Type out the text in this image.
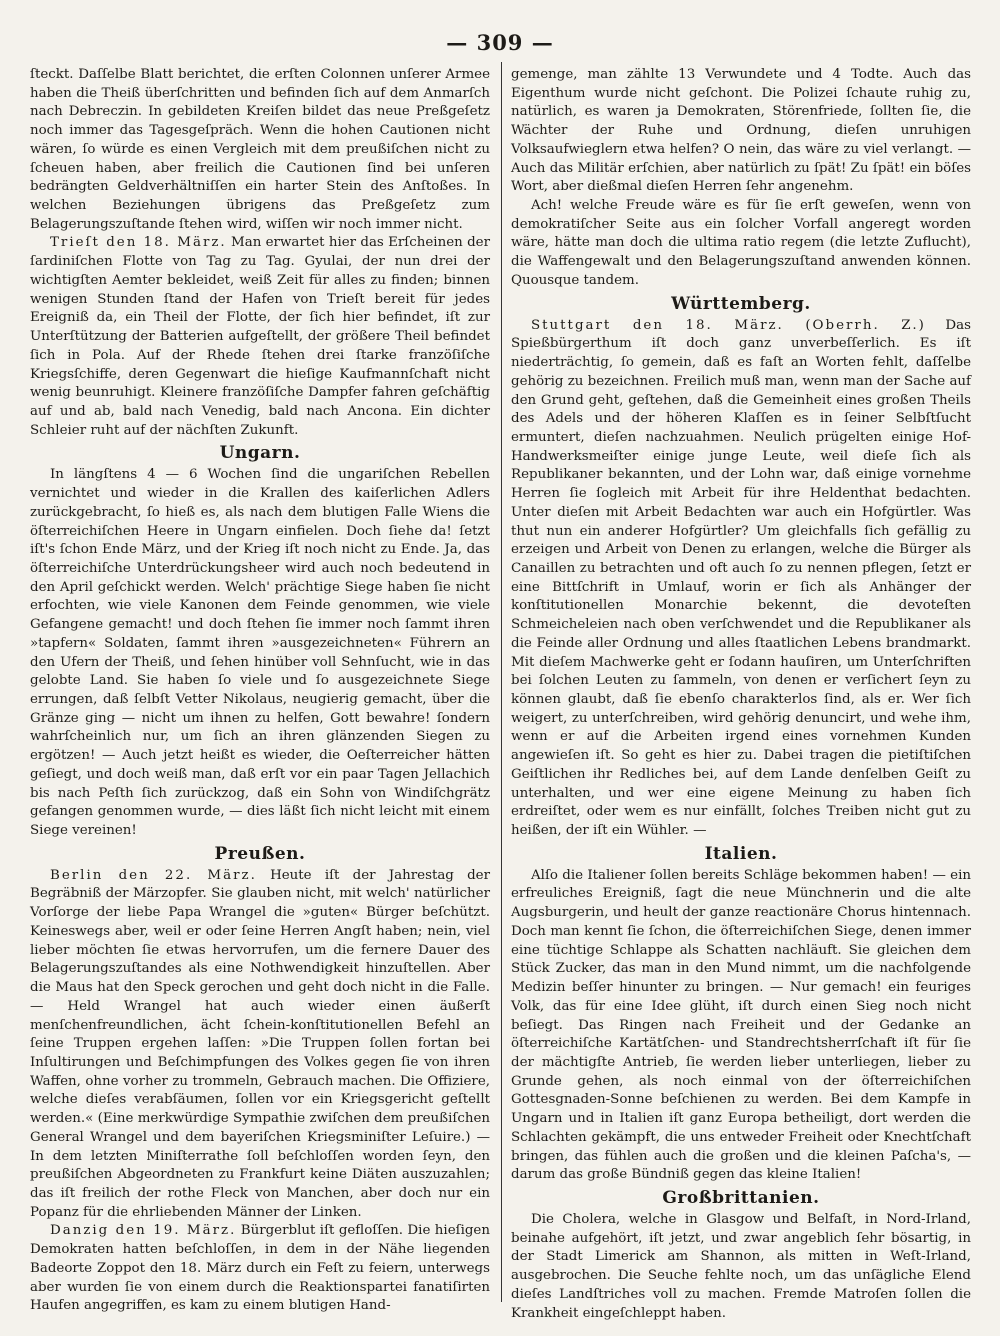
— 309 —

ſteckt. Daſſelbe Blatt berichtet, die erſten Colonnen unſerer Armee haben die Theiß überſchritten und befinden ſich auf dem Anmarſch nach Debreczin. In gebildeten Kreiſen bildet das neue Preßgeſetz noch immer das Tagesgeſpräch. Wenn die hohen Cautionen nicht wären, ſo würde es einen Vergleich mit dem preußiſchen nicht zu ſcheuen haben, aber freilich die Cautionen ſind bei unſeren bedrängten Geldverhältniſſen ein harter Stein des Anſtoßes. In welchen Beziehungen übrigens das Preßgeſetz zum Belagerungszuſtande ſtehen wird, wiſſen wir noch immer nicht.

Trieſt den 18. März. Man erwartet hier das Erſcheinen der ſardiniſchen Flotte von Tag zu Tag. Gyulai, der nun drei der wichtigſten Aemter bekleidet, weiß Zeit für alles zu finden; binnen wenigen Stunden ſtand der Hafen von Trieſt bereit für jedes Ereigniß da, ein Theil der Flotte, der ſich hier befindet, iſt zur Unterſtützung der Batterien aufgeſtellt, der größere Theil befindet ſich in Pola. Auf der Rhede ſtehen drei ſtarke franzöſiſche Kriegsſchiffe, deren Gegenwart die hieſige Kaufmannſchaft nicht wenig beunruhigt. Kleinere franzöſiſche Dampfer fahren geſchäftig auf und ab, bald nach Venedig, bald nach Ancona. Ein dichter Schleier ruht auf der nächſten Zukunft.

Ungarn.

In längſtens 4 — 6 Wochen ſind die ungariſchen Rebellen vernichtet und wieder in die Krallen des kaiſerlichen Adlers zurückgebracht, ſo hieß es, als nach dem blutigen Falle Wiens die öſterreichiſchen Heere in Ungarn einfielen. Doch ſiehe da! ſetzt iſt's ſchon Ende März, und der Krieg iſt noch nicht zu Ende. Ja, das öſterreichiſche Unterdrückungsheer wird auch noch bedeutend in den April geſchickt werden. Welch' prächtige Siege haben ſie nicht erfochten, wie viele Kanonen dem Feinde genommen, wie viele Gefangene gemacht! und doch ſtehen ſie immer noch ſammt ihren »tapfern« Soldaten, ſammt ihren »ausgezeichneten« Führern an den Ufern der Theiß, und ſehen hinüber voll Sehnſucht, wie in das gelobte Land. Sie haben ſo viele und ſo ausgezeichnete Siege errungen, daß ſelbſt Vetter Nikolaus, neugierig gemacht, über die Gränze ging — nicht um ihnen zu helfen, Gott bewahre! ſondern wahrſcheinlich nur, um ſich an ihren glänzenden Siegen zu ergötzen! — Auch jetzt heißt es wieder, die Oeſterreicher hätten geſiegt, und doch weiß man, daß erſt vor ein paar Tagen Jellachich bis nach Peſth ſich zurückzog, daß ein Sohn von Windiſchgrätz gefangen genommen wurde, — dies läßt ſich nicht leicht mit einem Siege vereinen!

Preußen.

Berlin den 22. März. Heute iſt der Jahrestag der Begräbniß der Märzopfer. Sie glauben nicht, mit welch' natürlicher Vorſorge der liebe Papa Wrangel die »guten« Bürger beſchützt. Keineswegs aber, weil er oder ſeine Herren Angſt haben; nein, viel lieber möchten ſie etwas hervorrufen, um die fernere Dauer des Belagerungszuſtandes als eine Nothwendigkeit hinzuſtellen. Aber die Maus hat den Speck gerochen und geht doch nicht in die Falle. — Held Wrangel hat auch wieder einen äußerſt menſchenfreundlichen, ächt ſchein-konſtitutionellen Befehl an ſeine Truppen ergehen laſſen: »Die Truppen ſollen fortan bei Inſultirungen und Beſchimpfungen des Volkes gegen ſie von ihren Waffen, ohne vorher zu trommeln, Gebrauch machen. Die Offiziere, welche dieſes verabſäumen, ſollen vor ein Kriegsgericht geſtellt werden.« (Eine merkwürdige Sympathie zwiſchen dem preußiſchen General Wrangel und dem bayeriſchen Kriegsminiſter Leſuire.) — In dem letzten Miniſterrathe ſoll beſchloſſen worden ſeyn, den preußiſchen Abgeordneten zu Frankfurt keine Diäten auszuzahlen; das iſt freilich der rothe Fleck von Manchen, aber doch nur ein Popanz für die ehrliebenden Männer der Linken.

Danzig den 19. März. Bürgerblut iſt gefloſſen. Die hieſigen Demokraten hatten beſchloſſen, in dem in der Nähe liegenden Badeorte Zoppot den 18. März durch ein Feſt zu feiern, unterwegs aber wurden ſie von einem durch die Reaktionspartei fanatiſirten Haufen angegriffen, es kam zu einem blutigen Hand-

gemenge, man zählte 13 Verwundete und 4 Todte. Auch das Eigenthum wurde nicht geſchont. Die Polizei ſchaute ruhig zu, natürlich, es waren ja Demokraten, Störenfriede, ſollten ſie, die Wächter der Ruhe und Ordnung, dieſen unruhigen Volksaufwieglern etwa helfen? O nein, das wäre zu viel verlangt. — Auch das Militär erſchien, aber natürlich zu ſpät! Zu ſpät! ein böſes Wort, aber dießmal dieſen Herren ſehr angenehm.

Ach! welche Freude wäre es für ſie erſt geweſen, wenn von demokratiſcher Seite aus ein ſolcher Vorfall angeregt worden wäre, hätte man doch die ultima ratio regem (die letzte Zuflucht), die Waffengewalt und den Belagerungszuſtand anwenden können. Quousque tandem.

Württemberg.

Stuttgart den 18. März. (Oberrh. Z.) Das Spießbürgerthum iſt doch ganz unverbeſſerlich. Es iſt niederträchtig, ſo gemein, daß es faſt an Worten fehlt, daſſelbe gehörig zu bezeichnen. Freilich muß man, wenn man der Sache auf den Grund geht, geſtehen, daß die Gemeinheit eines großen Theils des Adels und der höheren Klaſſen es in ſeiner Selbſtſucht ermuntert, dieſen nachzuahmen. Neulich prügelten einige Hof-Handwerksmeiſter einige junge Leute, weil dieſe ſich als Republikaner bekannten, und der Lohn war, daß einige vornehme Herren ſie ſogleich mit Arbeit für ihre Heldenthat bedachten. Unter dieſen mit Arbeit Bedachten war auch ein Hofgürtler. Was thut nun ein anderer Hofgürtler? Um gleichfalls ſich gefällig zu erzeigen und Arbeit von Denen zu erlangen, welche die Bürger als Canaillen zu betrachten und oft auch ſo zu nennen pflegen, ſetzt er eine Bittſchrift in Umlauf, worin er ſich als Anhänger der konſtitutionellen Monarchie bekennt, die devoteſten Schmeicheleien nach oben verſchwendet und die Republikaner als die Feinde aller Ordnung und alles ſtaatlichen Lebens brandmarkt. Mit dieſem Machwerke geht er ſodann hauſiren, um Unterſchriften bei ſolchen Leuten zu ſammeln, von denen er verſichert ſeyn zu können glaubt, daß ſie ebenſo charakterlos ſind, als er. Wer ſich weigert, zu unterſchreiben, wird gehörig denuncirt, und wehe ihm, wenn er auf die Arbeiten irgend eines vornehmen Kunden angewieſen iſt. So geht es hier zu. Dabei tragen die pietiſtiſchen Geiſtlichen ihr Redliches bei, auf dem Lande denſelben Geiſt zu unterhalten, und wer eine eigene Meinung zu haben ſich erdreiſtet, oder wem es nur einfällt, ſolches Treiben nicht gut zu heißen, der iſt ein Wühler. —

Italien.

Alſo die Italiener ſollen bereits Schläge bekommen haben! — ein erfreuliches Ereigniß, ſagt die neue Münchnerin und die alte Augsburgerin, und heult der ganze reactionäre Chorus hintennach. Doch man kennt ſie ſchon, die öſterreichiſchen Siege, denen immer eine tüchtige Schlappe als Schatten nachläuft. Sie gleichen dem Stück Zucker, das man in den Mund nimmt, um die nachfolgende Medizin beſſer hinunter zu bringen. — Nur gemach! ein feuriges Volk, das für eine Idee glüht, iſt durch einen Sieg noch nicht beſiegt. Das Ringen nach Freiheit und der Gedanke an öſterreichiſche Kartätſchen- und Standrechtsherrſchaft iſt für ſie der mächtigſte Antrieb, ſie werden lieber unterliegen, lieber zu Grunde gehen, als noch einmal von der öſterreichiſchen Gottesgnaden-Sonne beſchienen zu werden. Bei dem Kampfe in Ungarn und in Italien iſt ganz Europa betheiligt, dort werden die Schlachten gekämpft, die uns entweder Freiheit oder Knechtſchaft bringen, das fühlen auch die großen und die kleinen Paſcha's, — darum das große Bündniß gegen das kleine Italien!

Großbrittanien.

Die Cholera, welche in Glasgow und Belfaſt, in Nord-Irland, beinahe aufgehört, iſt jetzt, und zwar angeblich ſehr bösartig, in der Stadt Limerick am Shannon, als mitten in Weſt-Irland, ausgebrochen. Die Seuche fehlte noch, um das unſägliche Elend dieſes Landſtriches voll zu machen. Fremde Matroſen ſollen die Krankheit eingeſchleppt haben.
